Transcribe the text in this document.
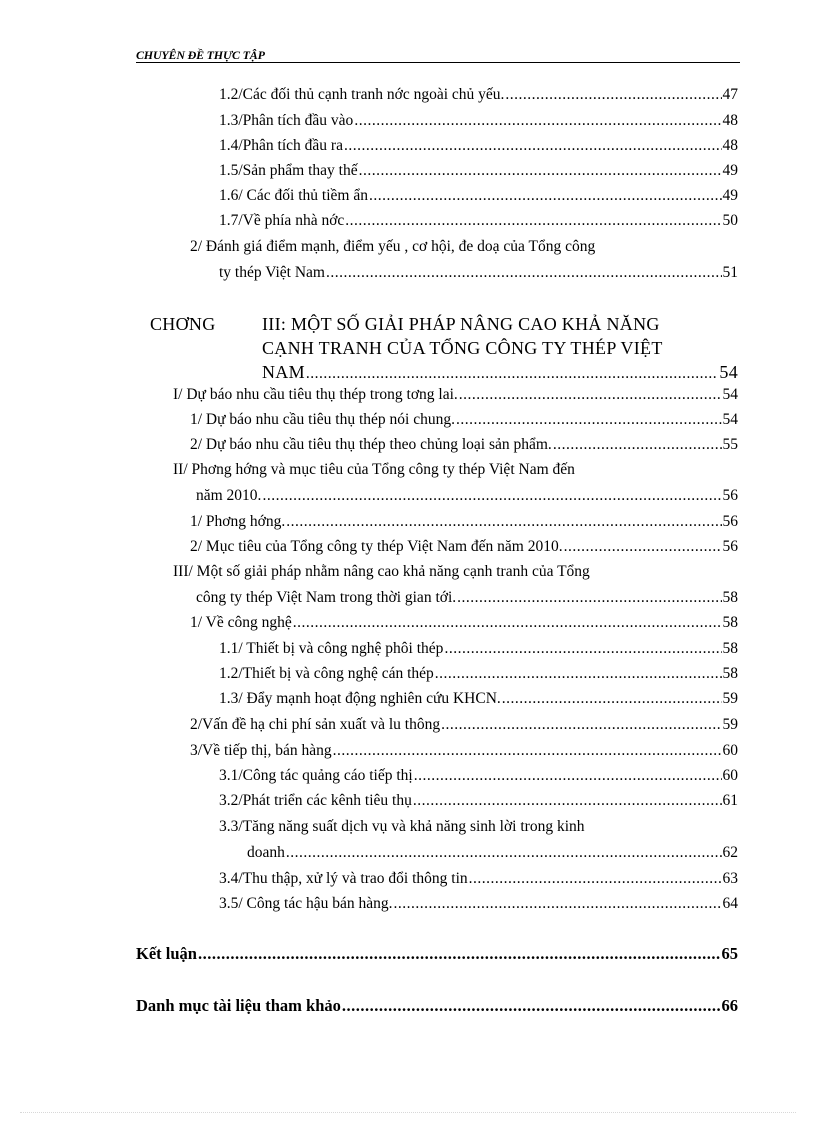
CHUYÊN ĐỀ THỰC TẬP
1.2/Các đối thủ cạnh tranh nớc ngoài chủ yếu. .....	47
1.3/Phân tích đầu vào .....	48
1.4/Phân tích đầu ra .....	48
1.5/Sản phẩm thay thế .....	49
1.6/ Các đối thủ tiềm ẩn .....	49
1.7/Về phía nhà nớc .....	50
2/ Đánh giá điểm mạnh, điểm yếu , cơ hội, đe doạ của Tổng công
ty thép Việt Nam .....	51
CHƠNG	III: MỘT SỐ GIẢI PHÁP NÂNG CAO KHẢ NĂNG
CẠNH TRANH CỦA TỔNG CÔNG TY THÉP VIỆT
NAM .....	54
I/ Dự báo nhu cầu tiêu thụ thép trong tơng lai. .....	54
1/ Dự báo nhu cầu tiêu thụ thép nói chung. .....	54
2/ Dự báo nhu cầu tiêu thụ thép theo chủng loại sản phẩm. .....	55
II/ Phơng hớng và mục tiêu của Tổng công ty thép Việt Nam đến
năm 2010. .....	56
1/ Phơng hớng. .....	56
2/ Mục tiêu của Tổng công ty thép Việt Nam đến năm 2010. .....	56
III/ Một số giải pháp nhằm nâng cao khả năng cạnh tranh của Tổng
công ty thép Việt Nam trong thời gian tới. .....	58
1/ Về công nghệ .....	58
1.1/ Thiết bị và công nghệ phôi thép .....	58
1.2/Thiết bị và công nghệ cán thép .....	58
1.3/ Đẩy mạnh hoạt động nghiên cứu KHCN. .....	59
2/Vấn đề hạ chi phí sản xuất và lu thông .....	59
3/Về tiếp thị, bán hàng .....	60
3.1/Công tác quảng cáo tiếp thị .....	60
3.2/Phát triển các kênh tiêu thụ .....	61
3.3/Tăng năng suất dịch vụ và khả năng sinh lời trong kinh
doanh .....	62
3.4/Thu thập, xử lý và trao đổi thông tin .....	63
3.5/ Công tác hậu bán hàng. .....	64
Kết luận .....	65
Danh mục tài liệu tham khảo .....	66
